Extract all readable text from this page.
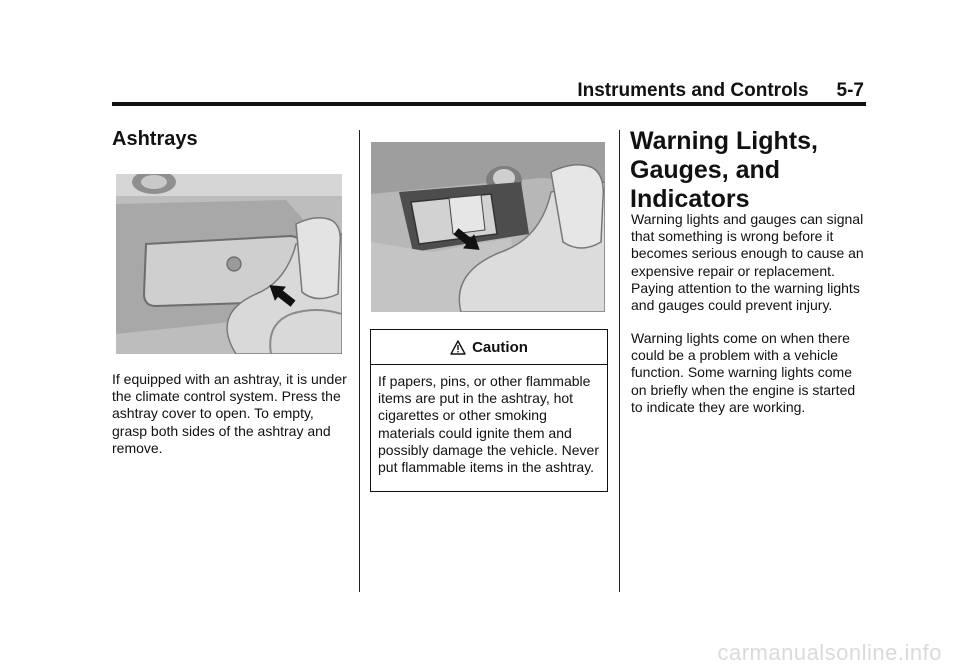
Instruments and Controls 5-7
Ashtrays
If equipped with an ashtray, it is under the climate control system. Press the ashtray cover to open. To empty, grasp both sides of the ashtray and remove.
Caution
If papers, pins, or other flammable items are put in the ashtray, hot cigarettes or other smoking materials could ignite them and possibly damage the vehicle. Never put flammable items in the ashtray.
Warning Lights, Gauges, and Indicators
Warning lights and gauges can signal that something is wrong before it becomes serious enough to cause an expensive repair or replacement. Paying attention to the warning lights and gauges could prevent injury.
Warning lights come on when there could be a problem with a vehicle function. Some warning lights come on briefly when the engine is started to indicate they are working.
carmanualsonline.info
